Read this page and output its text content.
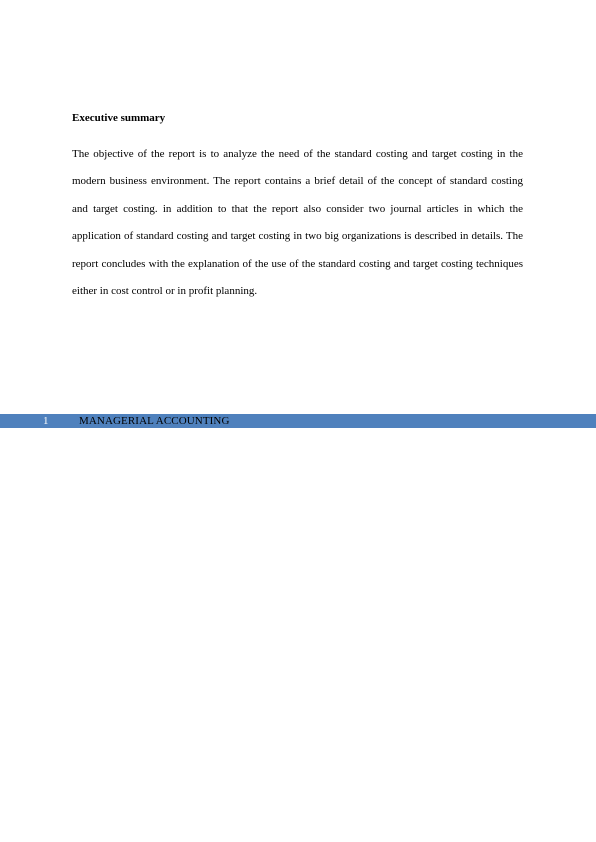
Executive summary

The objective of the report is to analyze the need of the standard costing and target costing in the modern business environment. The report contains a brief detail of the concept of standard costing and target costing. in addition to that the report also consider two journal articles in which the application of standard costing and target costing in two big organizations is described in details. The report concludes with the explanation of the use of the standard costing and target costing techniques either in cost control or in profit planning.

1	MANAGERIAL ACCOUNTING
